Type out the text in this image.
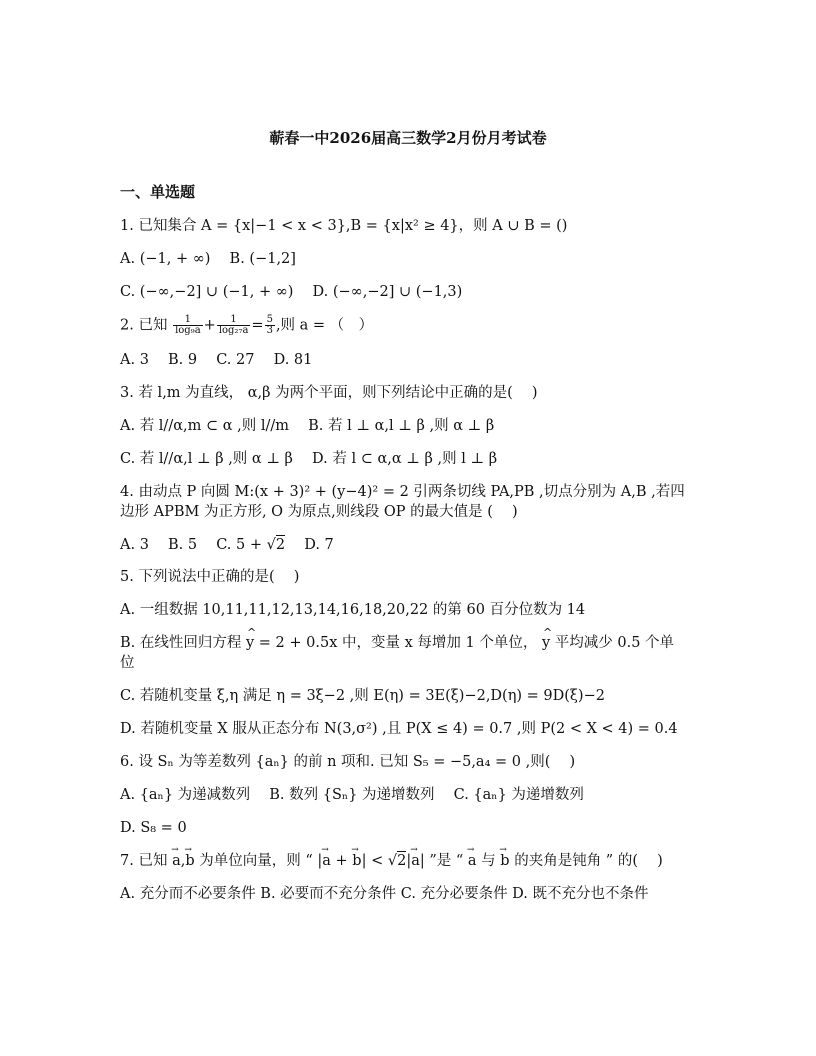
蕲春一中2026届高三数学2月份月考试卷
一、单选题
1. 已知集合 A = {x|−1 < x < 3},B = {x|x² ≥ 4}，则 A ∪ B = ()
A. (−1, + ∞)　 B. (−1,2]
C. (−∞,−2] ∪ (−1, + ∞)　 D. (−∞,−2] ∪ (−1,3)
2. 已知 $\frac{1}{\text{log₉a}} + \frac{1}{\text{log₂₇a}} = \frac{5}{3}$ ,则 a = （　）
A. 3　 B. 9　 C. 27　 D. 81
3. 若 l,m 为直线， α,β 为两个平面，则下列结论中正确的是(　 )
A. 若 l//α,m ⊂ α ,则 l//m　 B. 若 l ⊥ α,l ⊥ β ,则 α ⊥ β
C. 若 l//α,l ⊥ β ,则 α ⊥ β　 D. 若 l ⊂ α,α ⊥ β ,则 l ⊥ β
4. 由动点 P 向圆 M:(x + 3)² + (y−4)² = 2 引两条切线 PA,PB ,切点分别为 A,B ,若四
边形 APBM 为正方形, O 为原点,则线段 OP 的最大值是 (　 )
A. 3　 B. 5　 C. 5 + √2　 D. 7
5. 下列说法中正确的是(　 )
A. 一组数据 10,11,11,12,13,14,16,18,20,22 的第 60 百分位数为 14
B. 在线性回归方程 ^ y = 2 + 0.5x 中，变量 x 每增加 1 个单位， ^ y 平均减少 0.5 个单
位
C. 若随机变量 ξ,η 满足 η = 3ξ−2 ,则 E(η) = 3E(ξ)−2,D(η) = 9D(ξ)−2
D. 若随机变量 X 服从正态分布 N(3,σ²) ,且 P(X ≤ 4) = 0.7 ,则 P(2 < X < 4) = 0.4
6. 设 Sₙ 为等差数列 {aₙ} 的前 n 项和. 已知 S₅ = −5,a₄ = 0 ,则(　 )
A. {aₙ} 为递减数列　 B. 数列 {Sₙ} 为递增数列　 C. {aₙ} 为递增数列
D. S₈ = 0
7. 已知 → a,→ b 为单位向量，则 “ |→ a + → b| < √2|→ a| ”是 “ → a 与 → b 的夹角是钝角 ” 的(　 )
A. 充分而不必要条件 B. 必要而不充分条件 C. 充分必要条件 D. 既不充分也不条件
